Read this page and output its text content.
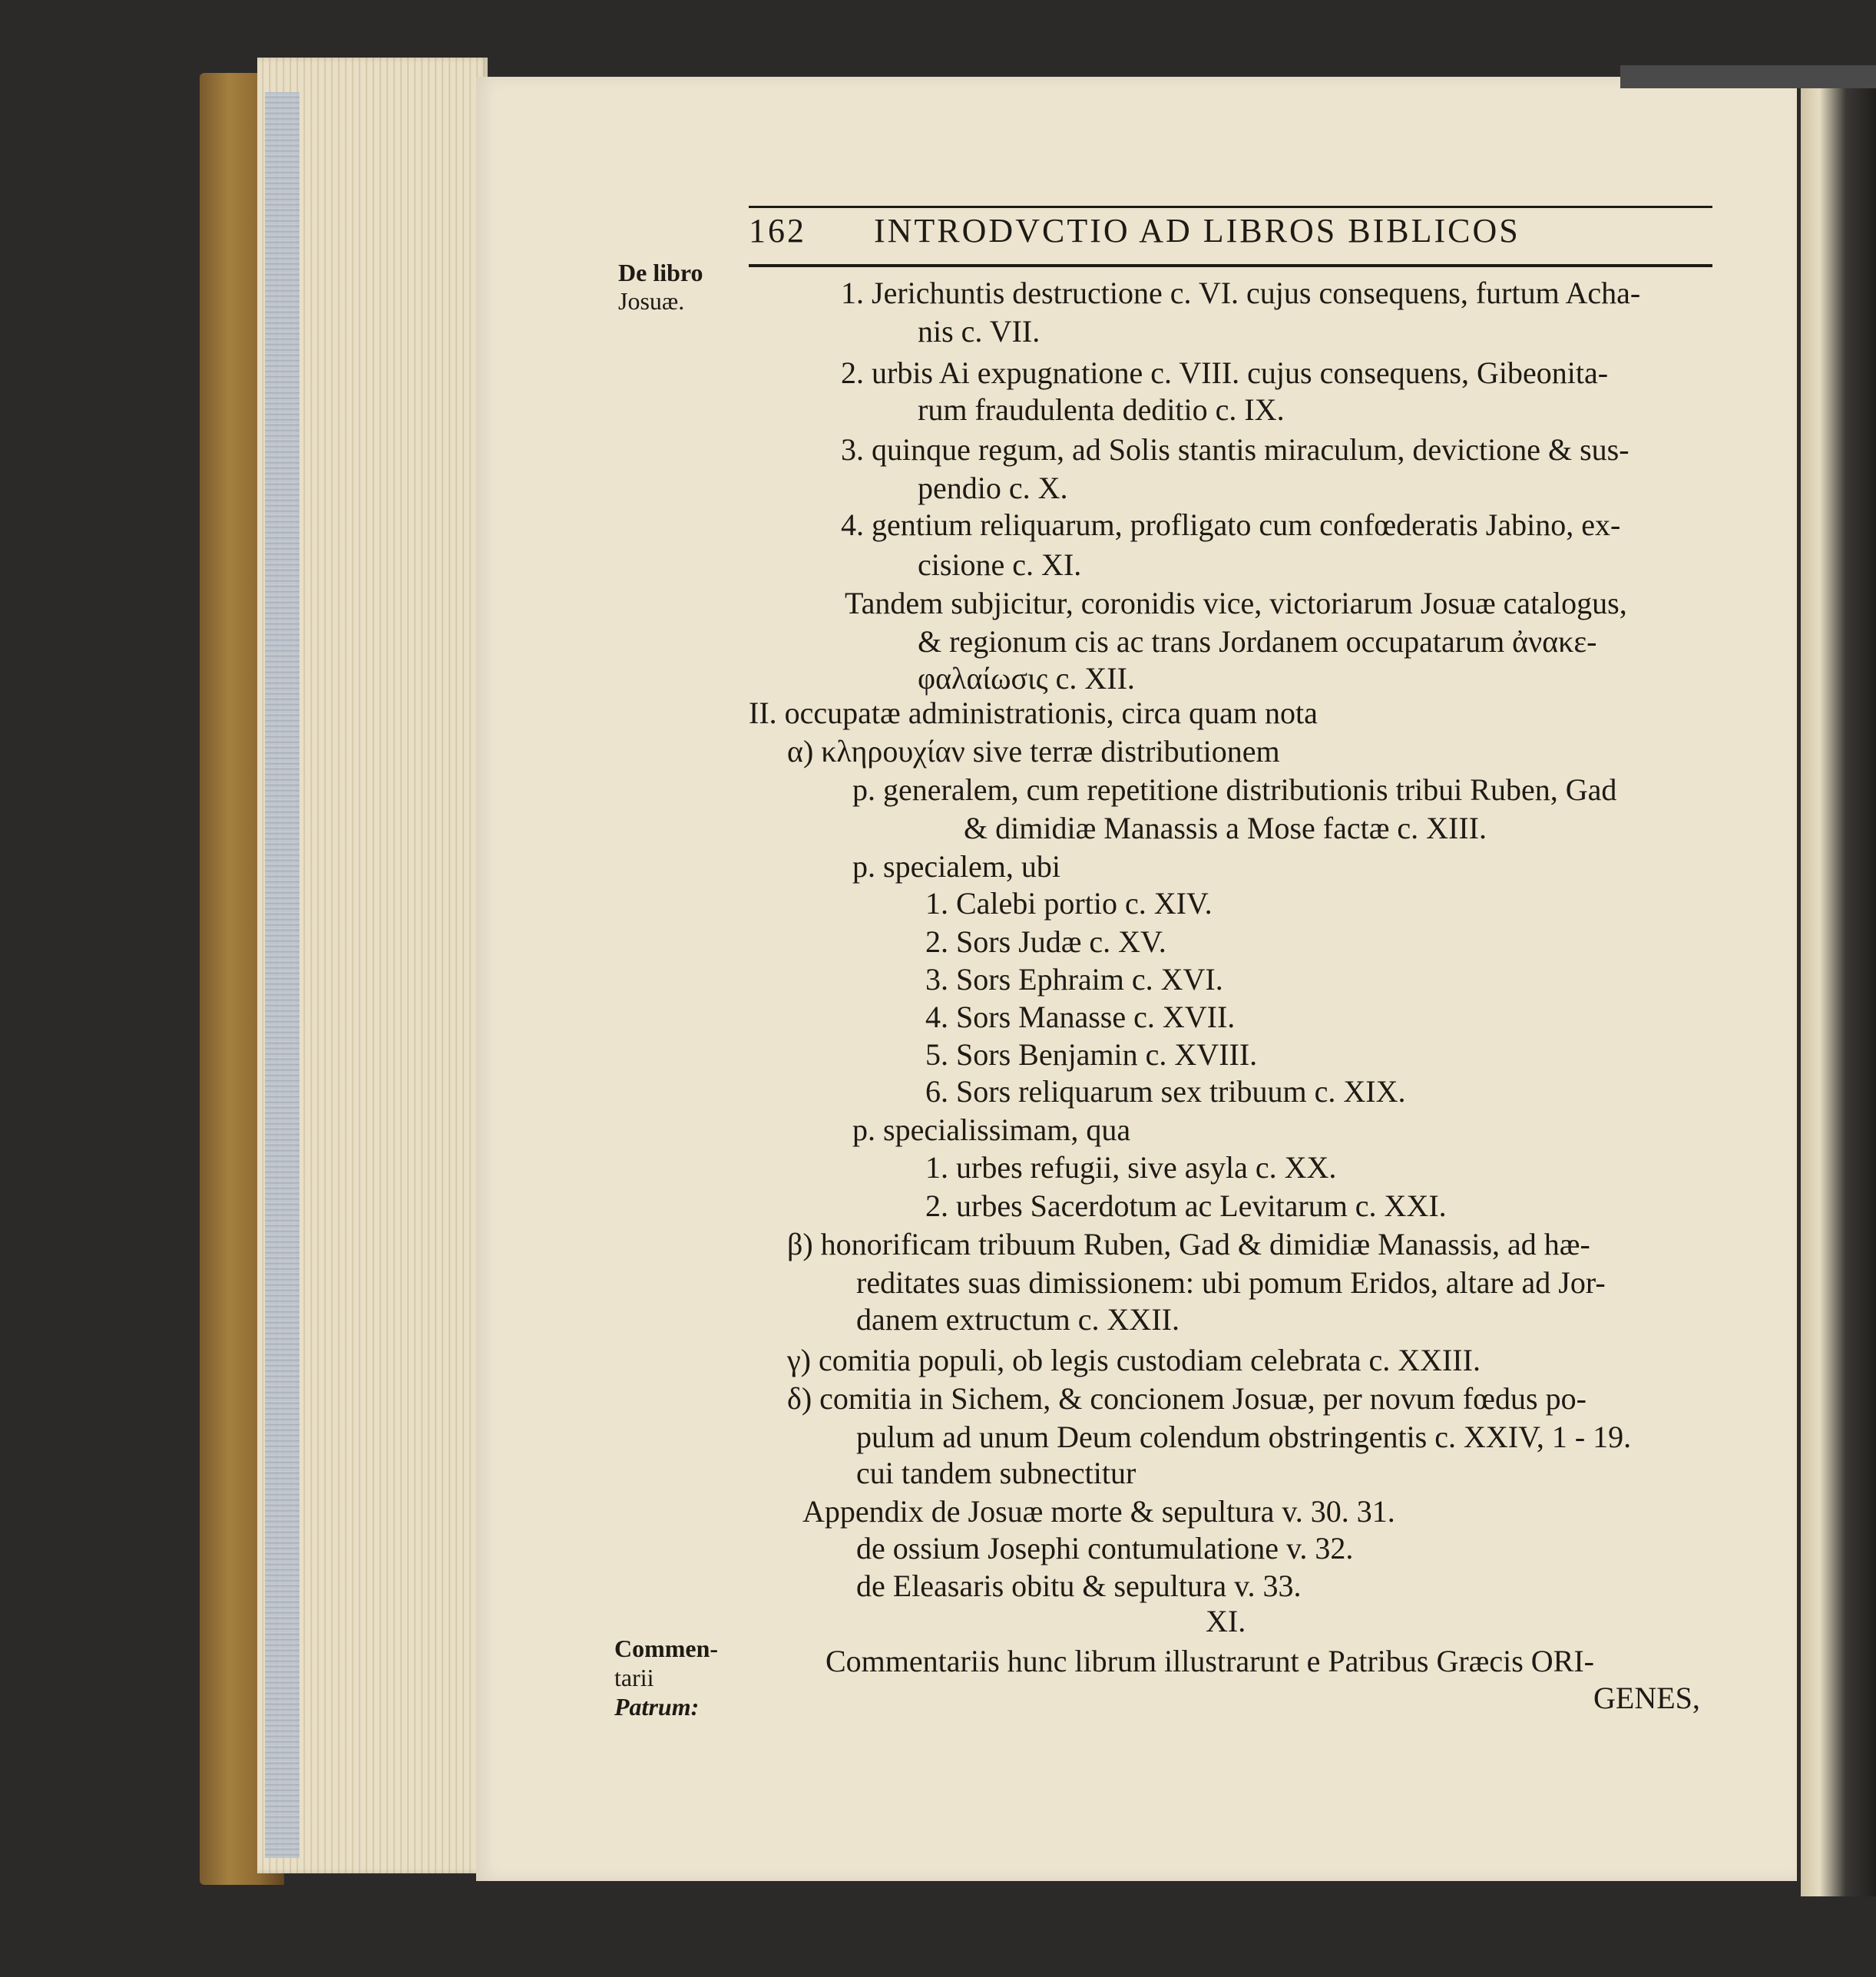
162 INTRODVCTIO AD LIBROS BIBLICOS
De libro
Josuæ.
Commen-
tarii
Patrum:
1. Jerichuntis destructione c. VI. cujus consequens, furtum Acha-
nis c. VII.
2. urbis Ai expugnatione c. VIII. cujus consequens, Gibeonita-
rum fraudulenta deditio c. IX.
3. quinque regum, ad Solis stantis miraculum, devictione & sus-
pendio c. X.
4. gentium reliquarum, profligato cum confœderatis Jabino, ex-
cisione c. XI.
Tandem subjicitur, coronidis vice, victoriarum Josuæ catalogus,
& regionum cis ac trans Jordanem occupatarum ἀνακε-
φαλαίωσις c. XII.
II. occupatæ administrationis, circa quam nota
α) κληρουχίαν sive terræ distributionem
p. generalem, cum repetitione distributionis tribui Ruben, Gad
& dimidiæ Manassis a Mose factæ c. XIII.
p. specialem, ubi
1. Calebi portio c. XIV.
2. Sors Judæ c. XV.
3. Sors Ephraim c. XVI.
4. Sors Manasse c. XVII.
5. Sors Benjamin c. XVIII.
6. Sors reliquarum sex tribuum c. XIX.
p. specialissimam, qua
1. urbes refugii, sive asyla c. XX.
2. urbes Sacerdotum ac Levitarum c. XXI.
β) honorificam tribuum Ruben, Gad & dimidiæ Manassis, ad hæ-
reditates suas dimissionem: ubi pomum Eridos, altare ad Jor-
danem extructum c. XXII.
γ) comitia populi, ob legis custodiam celebrata c. XXIII.
δ) comitia in Sichem, & concionem Josuæ, per novum fœdus po-
pulum ad unum Deum colendum obstringentis c. XXIV, 1 - 19.
cui tandem subnectitur
Appendix de Josuæ morte & sepultura v. 30. 31.
de ossium Josephi contumulatione v. 32.
de Eleasaris obitu & sepultura v. 33.
XI.
Commentariis hunc librum illustrarunt e Patribus Græcis ORI-
GENES,
